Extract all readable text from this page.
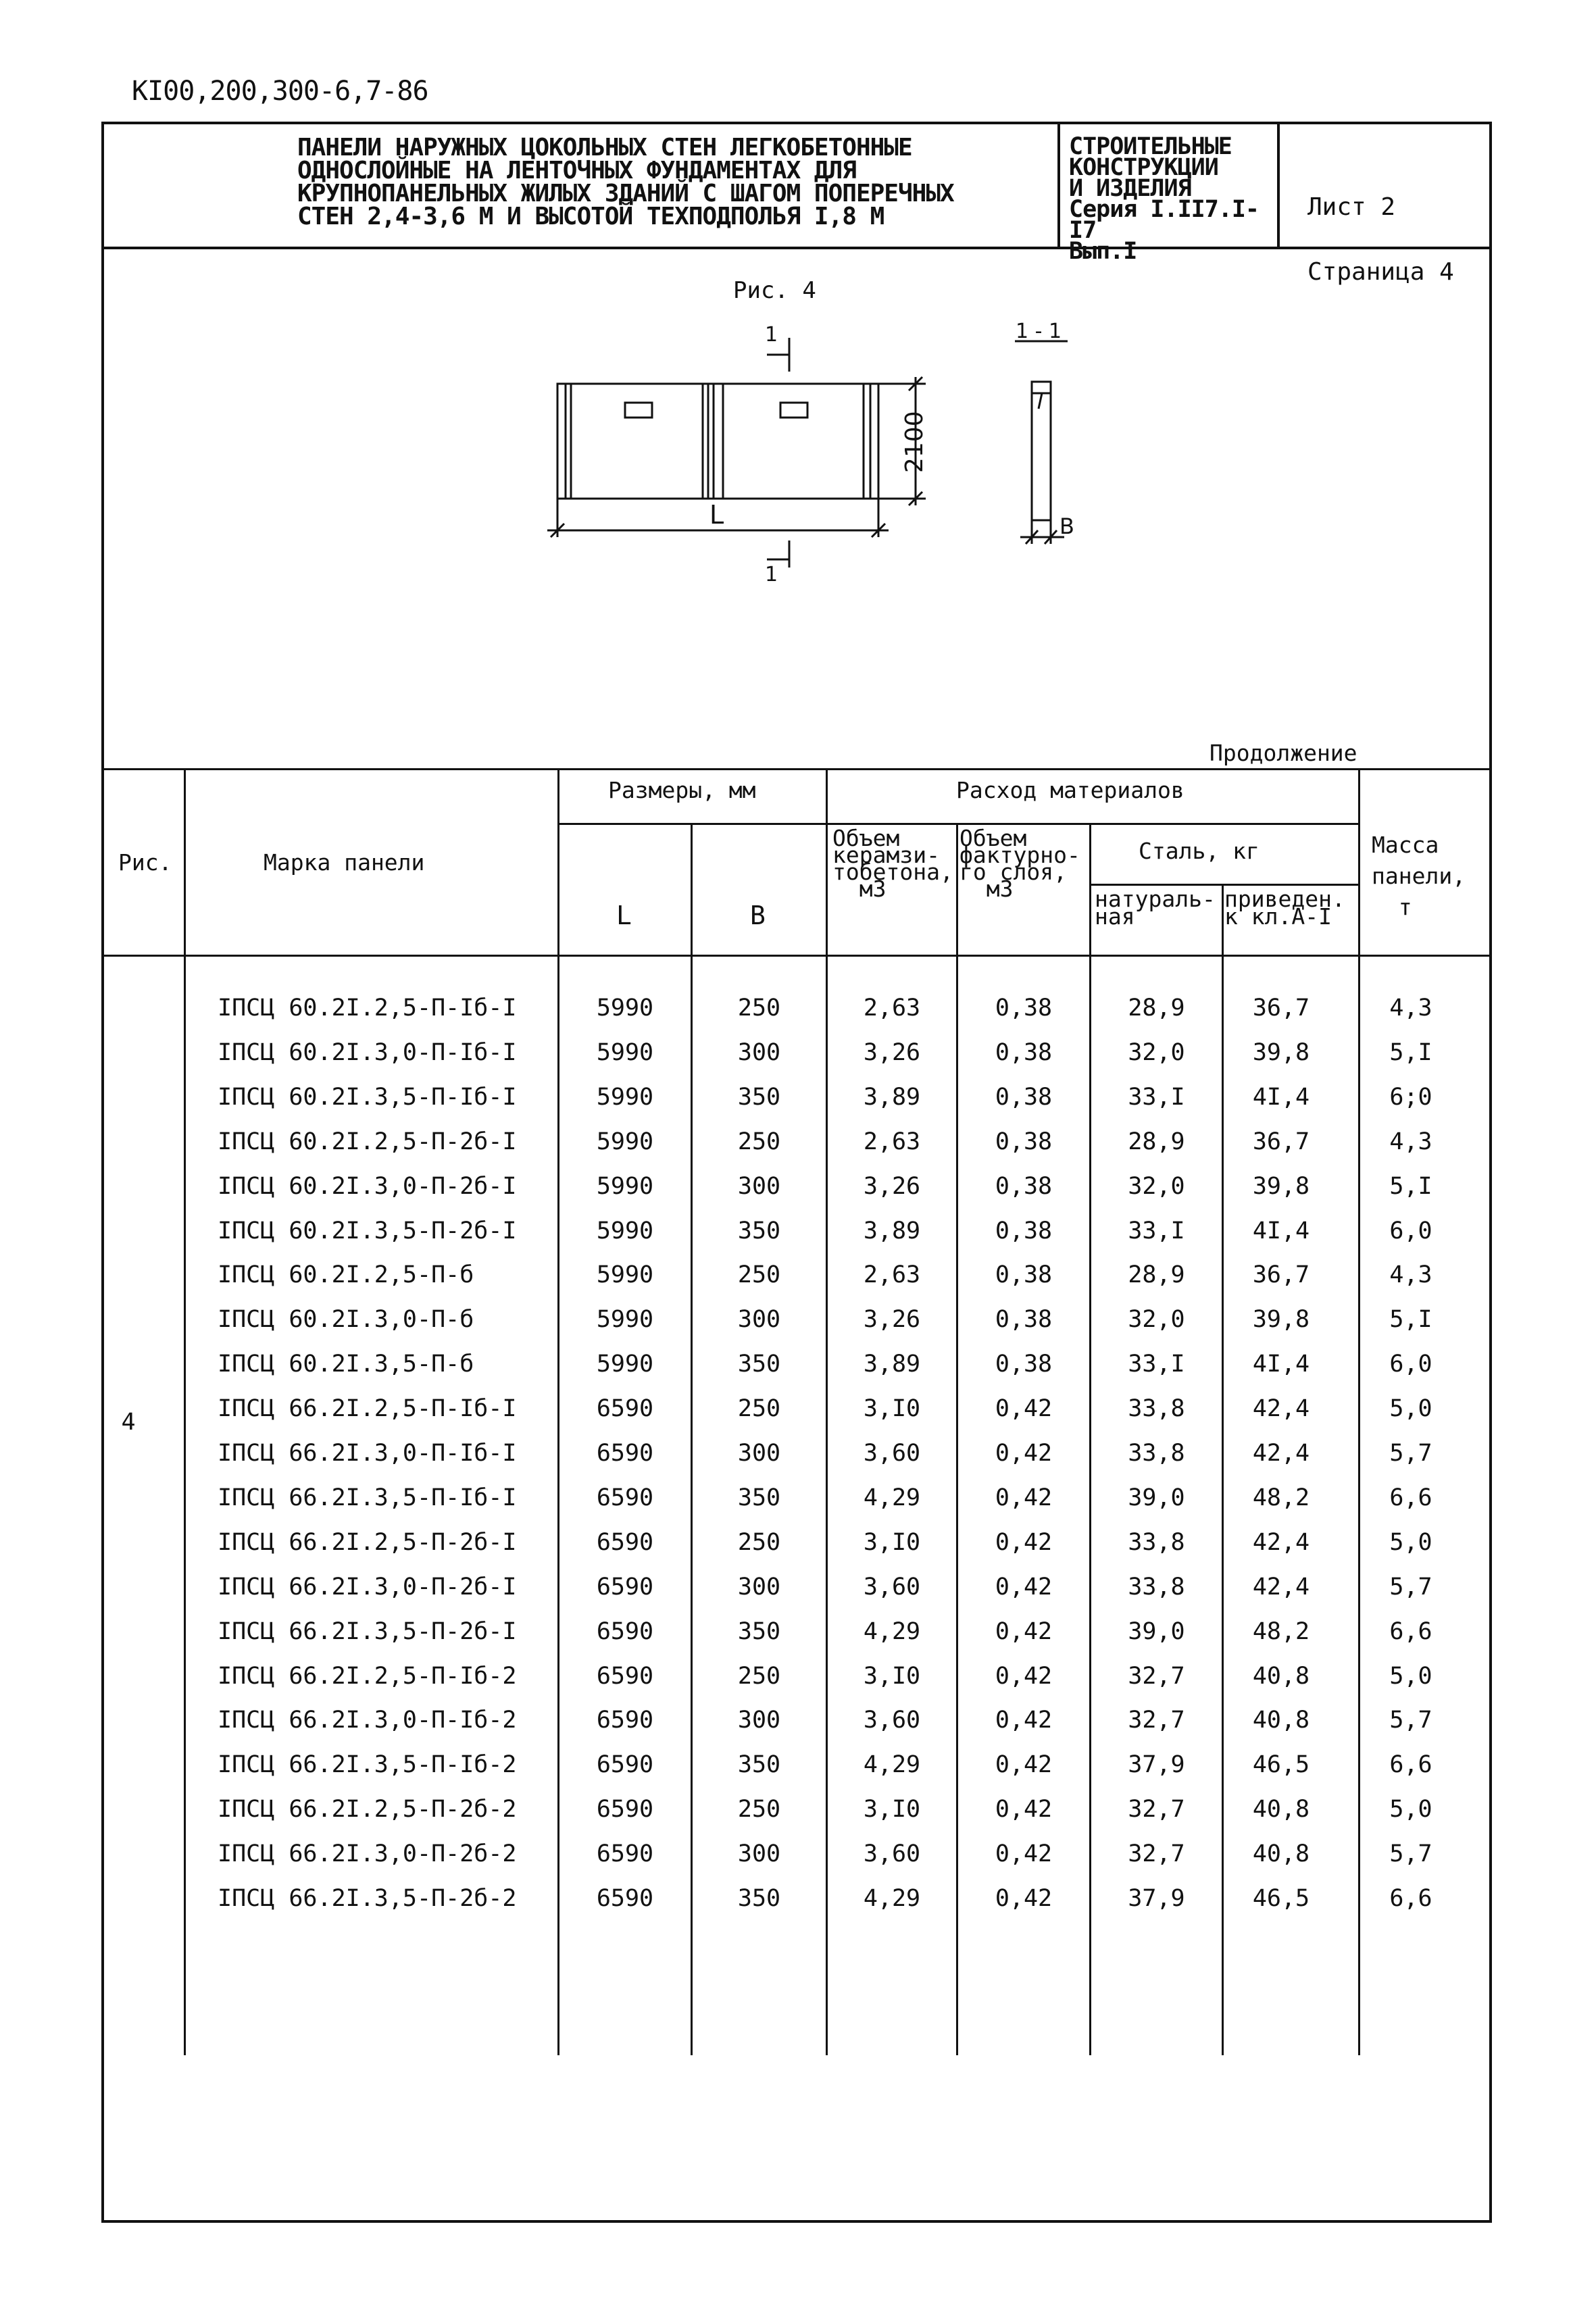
КI00,200,300-6,7-86
ПАНЕЛИ НАРУЖНЫХ ЦОКОЛЬНЫХ СТЕН ЛЕГКОБЕТОННЫЕ
ОДНОСЛОЙНЫЕ НА ЛЕНТОЧНЫХ ФУНДАМЕНТАХ ДЛЯ
КРУПНОПАНЕЛЬНЫХ ЖИЛЫХ ЗДАНИЙ С ШАГОМ ПОПЕРЕЧНЫХ
СТЕН 2,4-3,6 М И ВЫСОТОЙ ТЕХПОДПОЛЬЯ I,8 М
СТРОИТЕЛЬНЫЕ
КОНСТРУКЦИИ
И ИЗДЕЛИЯ
Серия I.II7.I-I7
Вып.I

Лист 2

Страница 4

Рис. 4
1
1
L
2100
1 - 1
В
Продолжение
Рис.	Марка панели
Размеры, мм
L	В
Расход материалов
Объем
керамзи-
тобетона,
м3
Объем
фактурно-
го слоя,
м3
Сталь, кг
натураль-
ная
приведен.
к кл.А-I
Масса
панели,
т
4
IПСЦ 60.2I.2,5-П-Iб-I	5990	250	2,63	0,38	28,9	36,7	4,3
IПСЦ 60.2I.3,0-П-Iб-I	5990	300	3,26	0,38	32,0	39,8	5,I
IПСЦ 60.2I.3,5-П-Iб-I	5990	350	3,89	0,38	33,I	4I,4	6;0
IПСЦ 60.2I.2,5-П-2б-I	5990	250	2,63	0,38	28,9	36,7	4,3
IПСЦ 60.2I.3,0-П-2б-I	5990	300	3,26	0,38	32,0	39,8	5,I
IПСЦ 60.2I.3,5-П-2б-I	5990	350	3,89	0,38	33,I	4I,4	6,0
IПСЦ 60.2I.2,5-П-б	5990	250	2,63	0,38	28,9	36,7	4,3
IПСЦ 60.2I.3,0-П-б	5990	300	3,26	0,38	32,0	39,8	5,I
IПСЦ 60.2I.3,5-П-б	5990	350	3,89	0,38	33,I	4I,4	6,0
IПСЦ 66.2I.2,5-П-Iб-I	6590	250	3,I0	0,42	33,8	42,4	5,0
IПСЦ 66.2I.3,0-П-Iб-I	6590	300	3,60	0,42	33,8	42,4	5,7
IПСЦ 66.2I.3,5-П-Iб-I	6590	350	4,29	0,42	39,0	48,2	6,6
IПСЦ 66.2I.2,5-П-2б-I	6590	250	3,I0	0,42	33,8	42,4	5,0
IПСЦ 66.2I.3,0-П-2б-I	6590	300	3,60	0,42	33,8	42,4	5,7
IПСЦ 66.2I.3,5-П-2б-I	6590	350	4,29	0,42	39,0	48,2	6,6
IПСЦ 66.2I.2,5-П-Iб-2	6590	250	3,I0	0,42	32,7	40,8	5,0
IПСЦ 66.2I.3,0-П-Iб-2	6590	300	3,60	0,42	32,7	40,8	5,7
IПСЦ 66.2I.3,5-П-Iб-2	6590	350	4,29	0,42	37,9	46,5	6,6
IПСЦ 66.2I.2,5-П-2б-2	6590	250	3,I0	0,42	32,7	40,8	5,0
IПСЦ 66.2I.3,0-П-2б-2	6590	300	3,60	0,42	32,7	40,8	5,7
IПСЦ 66.2I.3,5-П-2б-2	6590	350	4,29	0,42	37,9	46,5	6,6
